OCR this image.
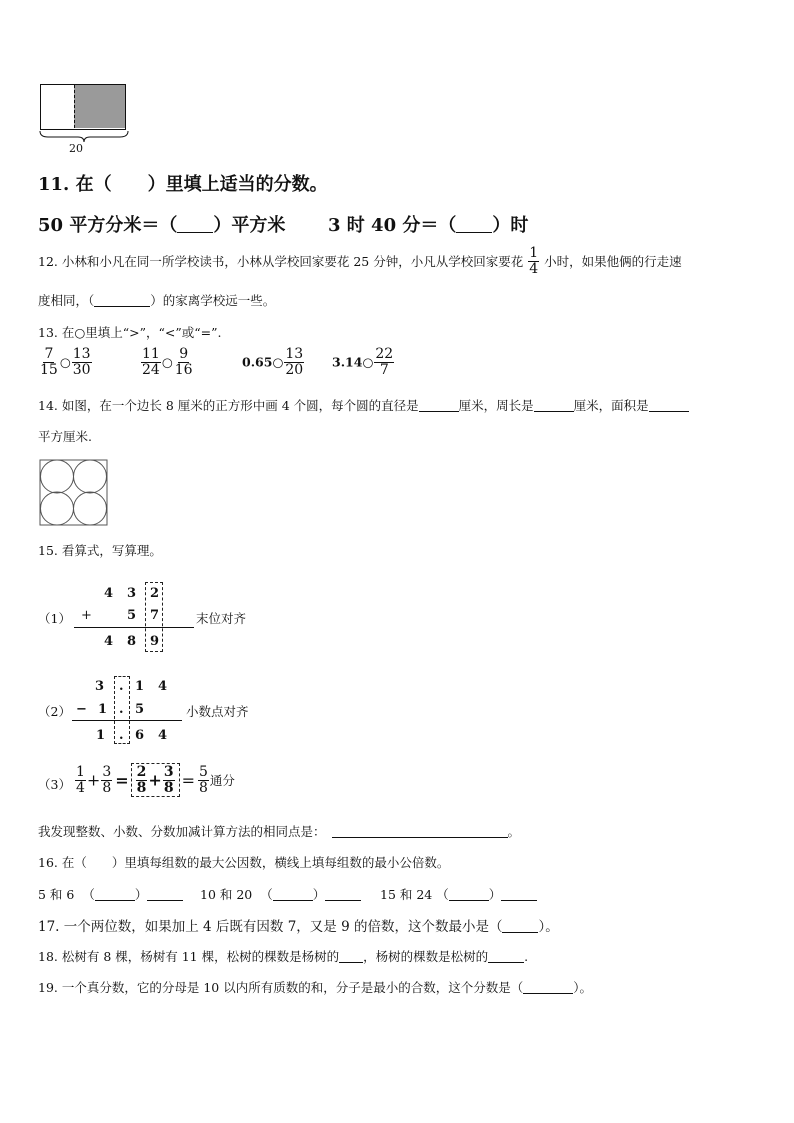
20
11. 在（　　）里填上适当的分数。
50 平方分米＝（ ）平方米 3 时 40 分＝（ ）时
12. 小林和小凡在同一所学校读书，小林从学校回家要花 25 分钟，小凡从学校回家要花 $\frac{1}{4}$ 小时，如果他俩的行走速
度相同，（	）的家离学校远一些。
13. 在○里填上“>”，“<”或“=”.
$\frac{7}{15}$ ○ $\frac{13}{30}$	$\frac{11}{24}$ ○ $\frac{9}{16}$	0.65○ $\frac{13}{20}$ 3.14○ $\frac{22}{7}$
14. 如图，在一个边长 8 厘米的正方形中画 4 个圆，每个圆的直径是	厘米，周长是	厘米，面积是
平方厘米.
15. 看算式，写算理。
（1）
4 3 2
+	5 7
4 8 9
末位对齐
（2）
3 . 1 4
− 1 . 5
1 . 6 4
小数点对齐
$(3) \frac{1}{4} + \frac{3}{8} = \frac{2}{8} + \frac{3}{8} = \frac{5}{8}$ 通分
我发现整数、小数、分数加减计算方法的相同点是：	。
16. 在（　　）里填每组数的最大公因数，横线上填每组数的最小公倍数。
5 和 6 （	）	10 和 20 （	）	15 和 24 （	）
17. 一个两位数，如果加上 4 后既有因数 7，又是 9 的倍数，这个数最小是（	）。
18. 松树有 8 棵，杨树有 11 棵，松树的棵数是杨树的 ，杨树的棵数是松树的	.
19. 一个真分数，它的分母是 10 以内所有质数的和，分子是最小的合数，这个分数是（	）。
